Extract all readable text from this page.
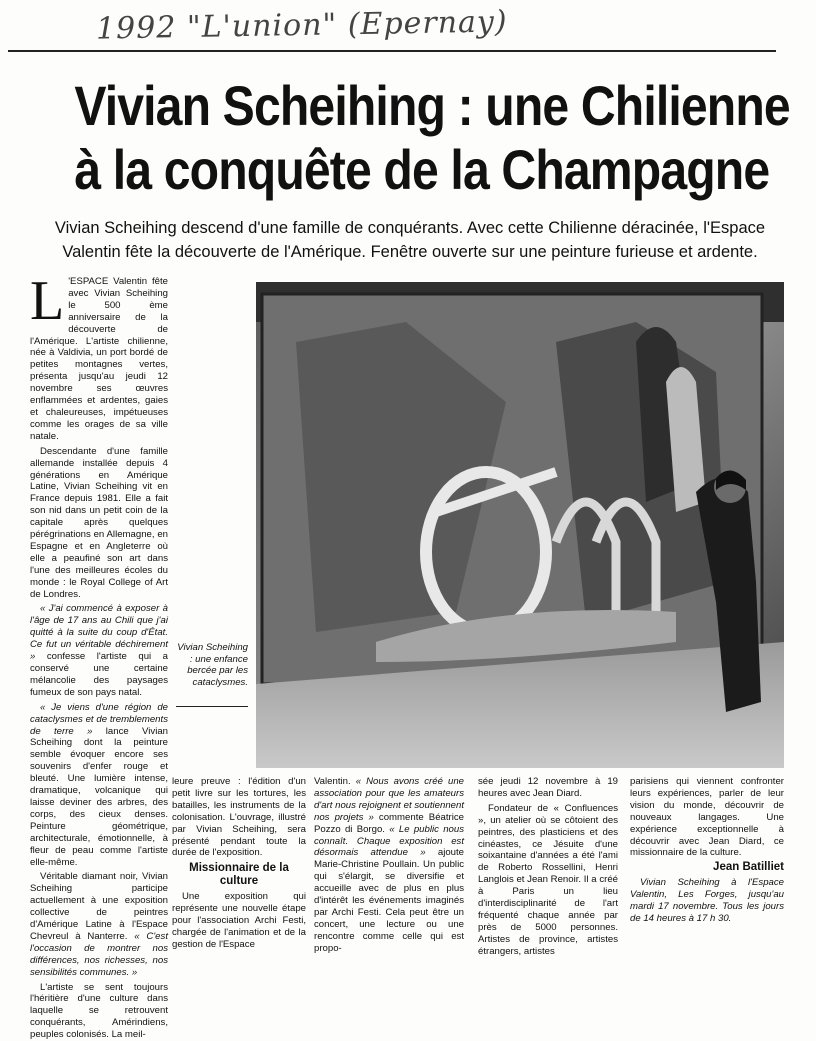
1992 "L'union" (Epernay)
Vivian Scheihing : une Chilienne
à la conquête de la Champagne
Vivian Scheihing descend d'une famille de conquérants. Avec cette Chilienne déracinée, l'Espace Valentin fête la découverte de l'Amérique. Fenêtre ouverte sur une peinture furieuse et ardente.

L 'ESPACE Valentin fête avec Vivian Scheihing le 500 ème anniversaire de la découverte de l'Amérique. L'artiste chilienne, née à Valdivia, un port bordé de petites montagnes vertes, présenta jusqu'au jeudi 12 novembre ses œuvres enflammées et ardentes, gaies et chaleureuses, impétueuses comme les orages de sa ville natale.

Descendante d'une famille allemande installée depuis 4 générations en Amérique Latine, Vivian Scheihing vit en France depuis 1981. Elle a fait son nid dans un petit coin de la capitale après quelques pérégrinations en Allemagne, en Espagne et en Angleterre où elle a peaufiné son art dans l'une des meilleures écoles du monde : le Royal College of Art de Londres.

« J'ai commencé à exposer à l'âge de 17 ans au Chili que j'ai quitté à la suite du coup d'État. Ce fut un véritable déchirement » confesse l'artiste qui a conservé une certaine mélancolie des paysages fumeux de son pays natal.

« Je viens d'une région de cataclysmes et de tremblements de terre » lance Vivian Scheihing dont la peinture semble évoquer encore ses souvenirs d'enfer rouge et bleuté. Une lumière intense, dramatique, volcanique qui laisse deviner des arbres, des corps, des cieux denses. Peinture géométrique, architecturale, émotionnelle, à fleur de peau comme l'artiste elle-même.

Véritable diamant noir, Vivian Scheihing participe actuellement à une exposition collective de peintres d'Amérique Latine à l'Espace Chevreul à Nanterre. « C'est l'occasion de montrer nos différences, nos richesses, nos sensibilités communes. »

L'artiste se sent toujours l'héritière d'une culture dans laquelle se retrouvent conquérants, Amérindiens, peuples colonisés. La meil-

Vivian Scheihing : une enfance bercée par les cataclysmes.

leure preuve : l'édition d'un petit livre sur les tortures, les batailles, les instruments de la colonisation. L'ouvrage, illustré par Vivian Scheihing, sera présenté pendant toute la durée de l'exposition.

Missionnaire de la culture

Une exposition qui représente une nouvelle étape pour l'association Archi Festi, chargée de l'animation et de la gestion de l'Espace

Valentin. « Nous avons créé une association pour que les amateurs d'art nous rejoignent et soutiennent nos projets » commente Béatrice Pozzo di Borgo. « Le public nous connaît. Chaque exposition est désormais attendue » ajoute Marie-Christine Poullain. Un public qui s'élargit, se diversifie et accueille avec de plus en plus d'intérêt les événements imaginés par Archi Festi. Cela peut être un concert, une lecture ou une rencontre comme celle qui est propo-

sée jeudi 12 novembre à 19 heures avec Jean Diard.

Fondateur de « Confluences », un atelier où se côtoient des peintres, des plasticiens et des cinéastes, ce Jésuite d'une soixantaine d'années a été l'ami de Roberto Rossellini, Henri Langlois et Jean Renoir. Il a créé à Paris un lieu d'interdisciplinarité de l'art fréquenté chaque année par près de 5000 personnes. Artistes de province, artistes étrangers, artistes

parisiens qui viennent confronter leurs expériences, parler de leur vision du monde, découvrir de nouveaux langages. Une expérience exceptionnelle à découvrir avec Jean Diard, ce missionnaire de la culture.

Jean Batilliet

Vivian Scheihing à l'Espace Valentin, Les Forges, jusqu'au mardi 17 novembre. Tous les jours de 14 heures à 17 h 30.
